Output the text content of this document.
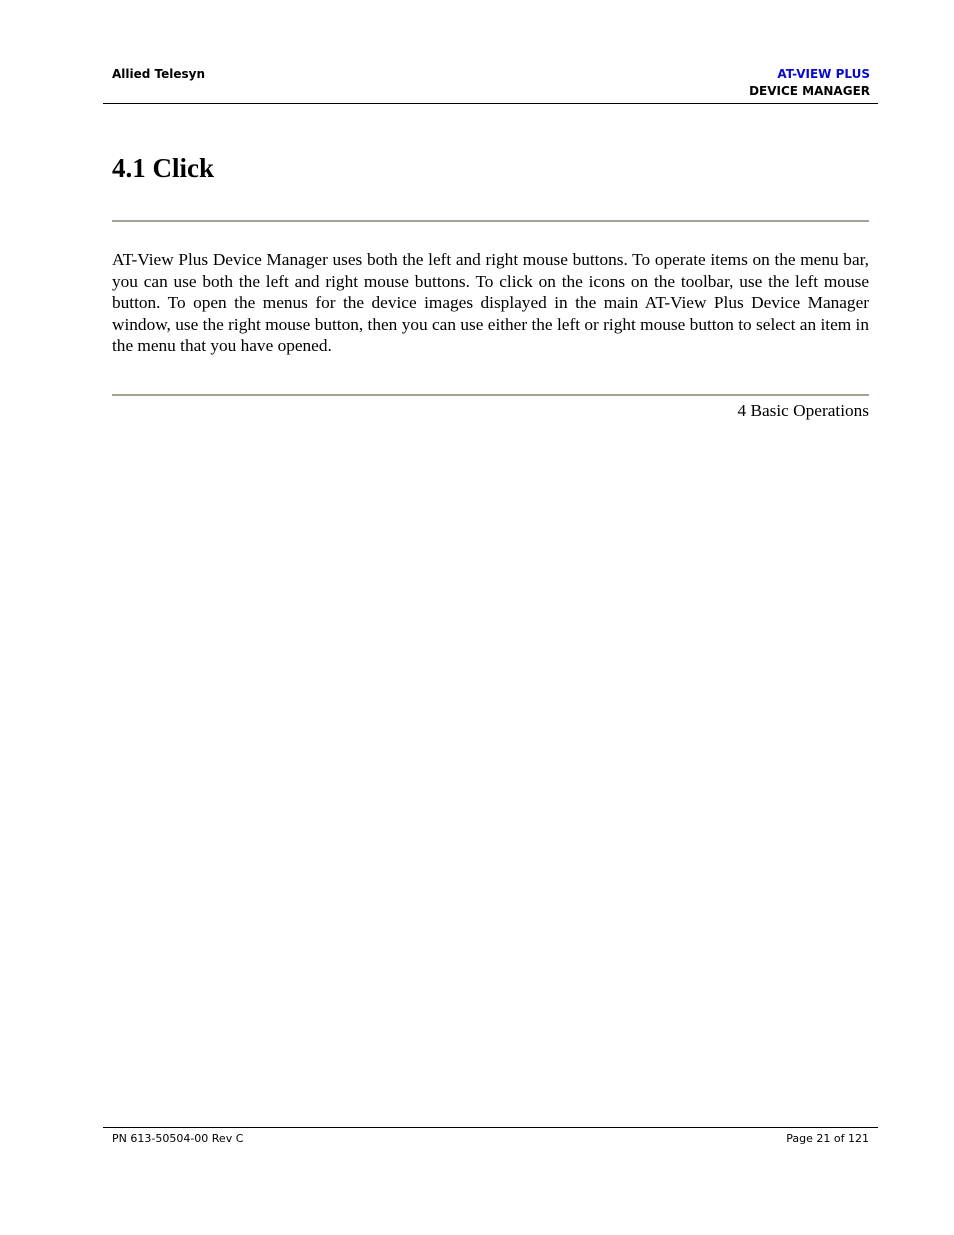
Allied Telesyn	AT-VIEW PLUS
DEVICE MANAGER
4.1 Click

AT-View Plus Device Manager uses both the left and right mouse buttons. To operate items on the menu bar, you can use both the left and right mouse buttons. To click on the icons on the toolbar, use the left mouse button. To open the menus for the device images displayed in the main AT-View Plus Device Manager window, use the right mouse button, then you can use either the left or right mouse button to select an item in the menu that you have opened.

4 Basic Operations
PN 613-50504-00 Rev C	Page 21 of 121
